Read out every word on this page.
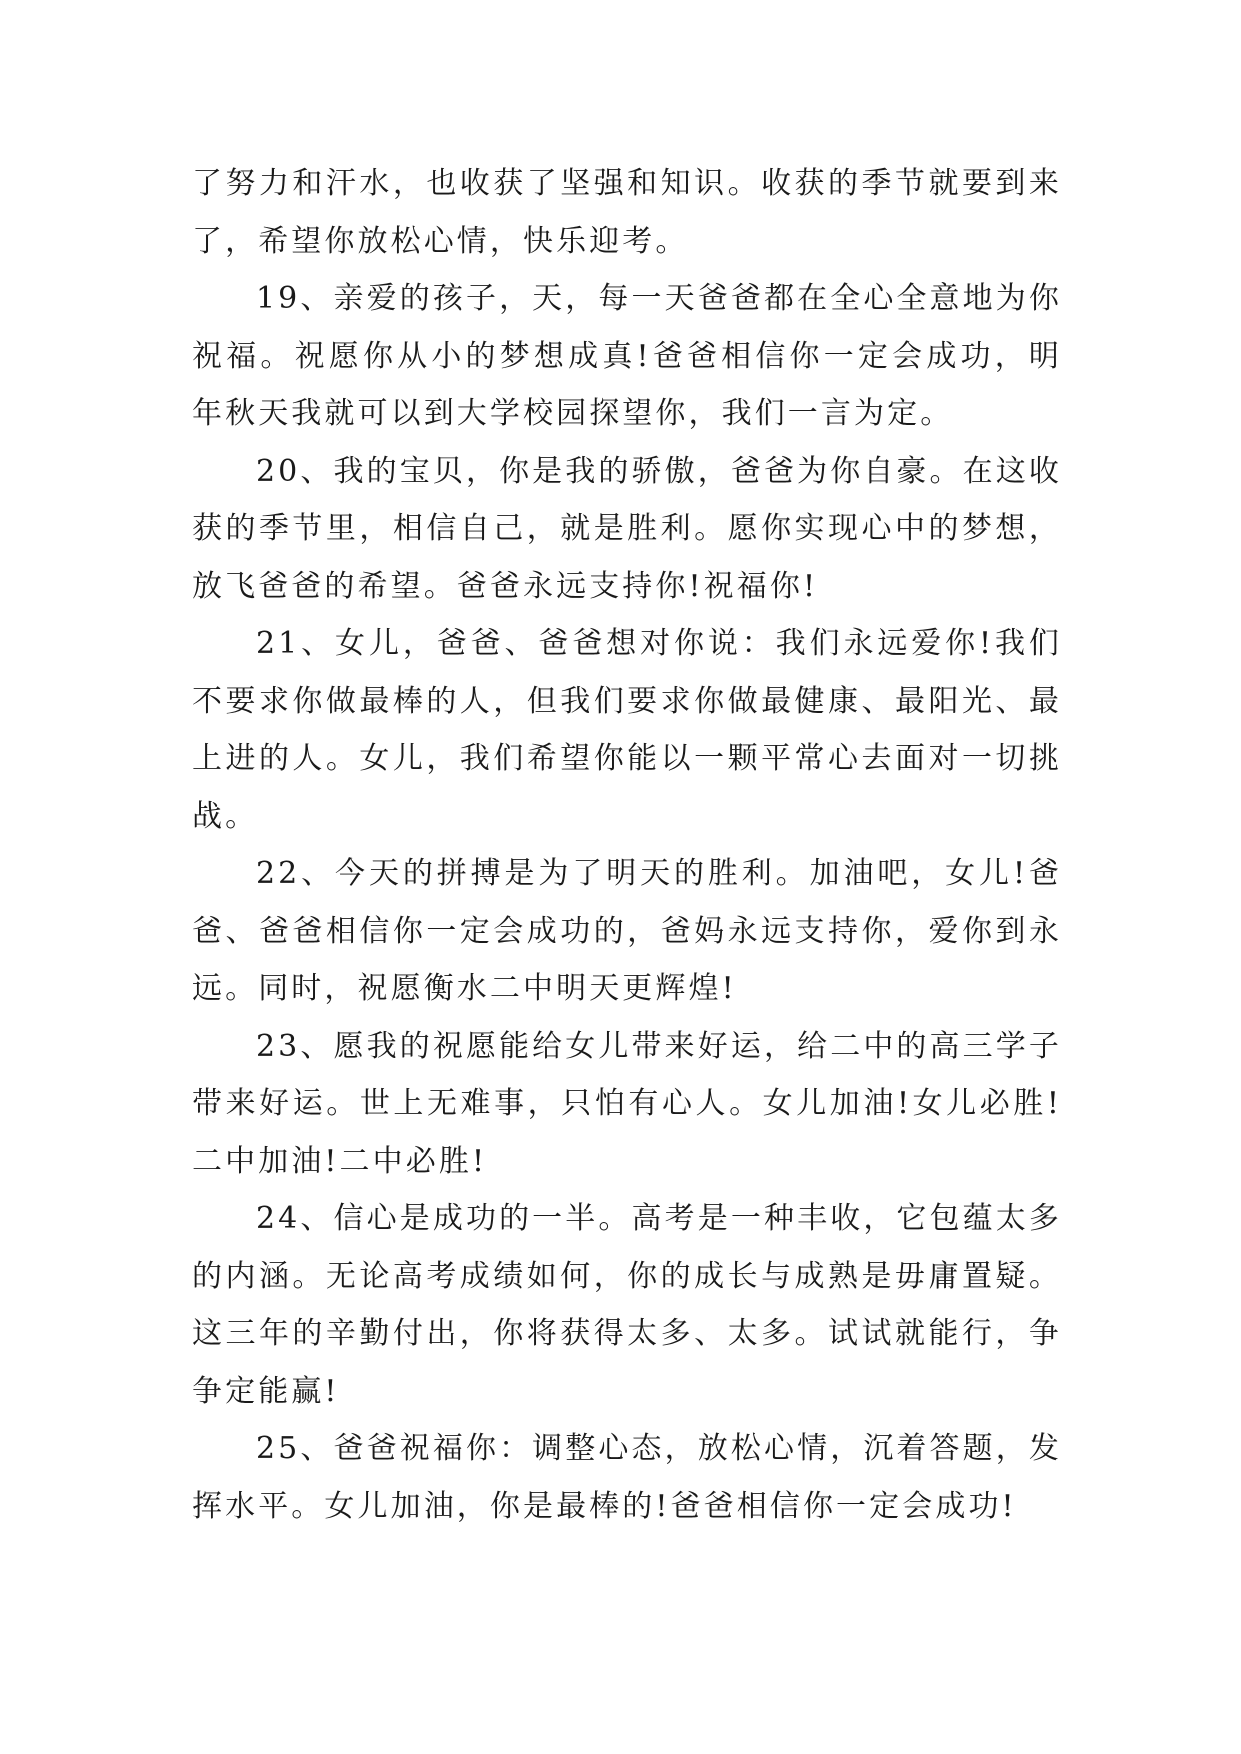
了努力和汗水，也收获了坚强和知识。收获的季节就要到来了，希望你放松心情，快乐迎考。

19、亲爱的孩子，天，每一天爸爸都在全心全意地为你祝福。祝愿你从小的梦想成真!爸爸相信你一定会成功，明年秋天我就可以到大学校园探望你，我们一言为定。

20、我的宝贝，你是我的骄傲，爸爸为你自豪。在这收获的季节里，相信自己，就是胜利。愿你实现心中的梦想，放飞爸爸的希望。爸爸永远支持你!祝福你!

21、女儿，爸爸、爸爸想对你说：我们永远爱你!我们不要求你做最棒的人，但我们要求你做最健康、最阳光、最上进的人。女儿，我们希望你能以一颗平常心去面对一切挑战。

22、今天的拼搏是为了明天的胜利。加油吧，女儿!爸爸、爸爸相信你一定会成功的，爸妈永远支持你，爱你到永远。同时，祝愿衡水二中明天更辉煌!

23、愿我的祝愿能给女儿带来好运，给二中的高三学子带来好运。世上无难事，只怕有心人。女儿加油!女儿必胜!二中加油!二中必胜!

24、信心是成功的一半。高考是一种丰收，它包蕴太多的内涵。无论高考成绩如何，你的成长与成熟是毋庸置疑。这三年的辛勤付出，你将获得太多、太多。试试就能行，争争定能赢!

25、爸爸祝福你：调整心态，放松心情，沉着答题，发挥水平。女儿加油，你是最棒的!爸爸相信你一定会成功!
